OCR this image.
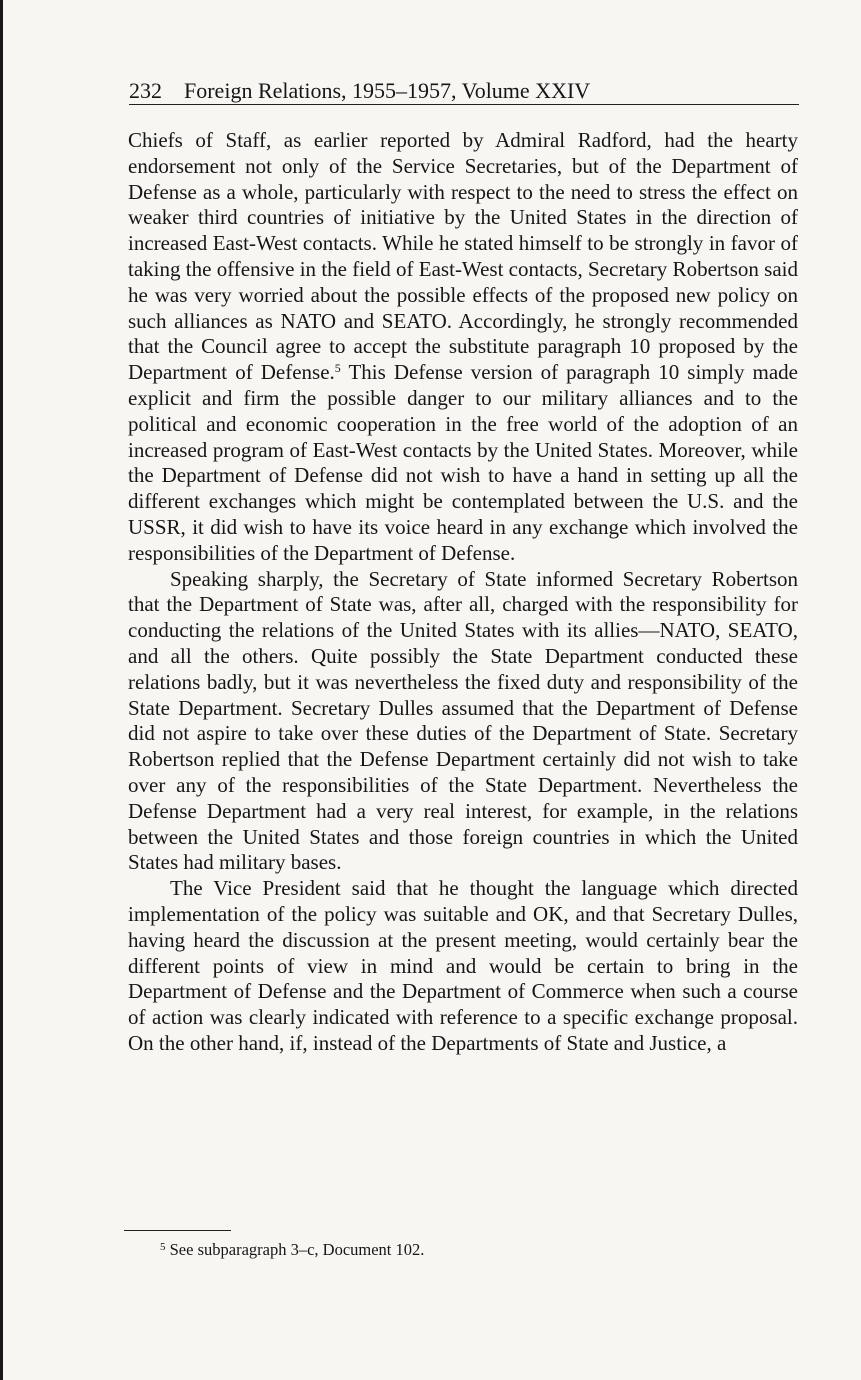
232 Foreign Relations, 1955–1957, Volume XXIV

Chiefs of Staff, as earlier reported by Admiral Radford, had the hearty endorsement not only of the Service Secretaries, but of the Department of Defense as a whole, particularly with respect to the need to stress the effect on weaker third countries of initiative by the United States in the direction of increased East-West contacts. While he stated himself to be strongly in favor of taking the offensive in the field of East-West contacts, Secretary Robertson said he was very worried about the possible effects of the proposed new policy on such alliances as NATO and SEATO. Accordingly, he strongly recommended that the Council agree to accept the substitute paragraph 10 proposed by the Department of Defense.$^5$ This Defense version of paragraph 10 simply made explicit and firm the possible danger to our military alliances and to the political and economic cooperation in the free world of the adoption of an increased program of East-West contacts by the United States. Moreover, while the Department of Defense did not wish to have a hand in setting up all the different exchanges which might be contemplated between the U.S. and the USSR, it did wish to have its voice heard in any exchange which involved the responsibilities of the Department of Defense.

Speaking sharply, the Secretary of State informed Secretary Robertson that the Department of State was, after all, charged with the responsibility for conducting the relations of the United States with its allies—NATO, SEATO, and all the others. Quite possibly the State Department conducted these relations badly, but it was nevertheless the fixed duty and responsibility of the State Department. Secretary Dulles assumed that the Department of Defense did not aspire to take over these duties of the Department of State. Secretary Robertson replied that the Defense Department certainly did not wish to take over any of the responsibilities of the State Department. Nevertheless the Defense Department had a very real interest, for example, in the relations between the United States and those foreign countries in which the United States had military bases.

The Vice President said that he thought the language which directed implementation of the policy was suitable and OK, and that Secretary Dulles, having heard the discussion at the present meeting, would certainly bear the different points of view in mind and would be certain to bring in the Department of Defense and the Department of Commerce when such a course of action was clearly indicated with reference to a specific exchange proposal. On the other hand, if, instead of the Departments of State and Justice, a

$^5$ See subparagraph 3–c, Document 102.
